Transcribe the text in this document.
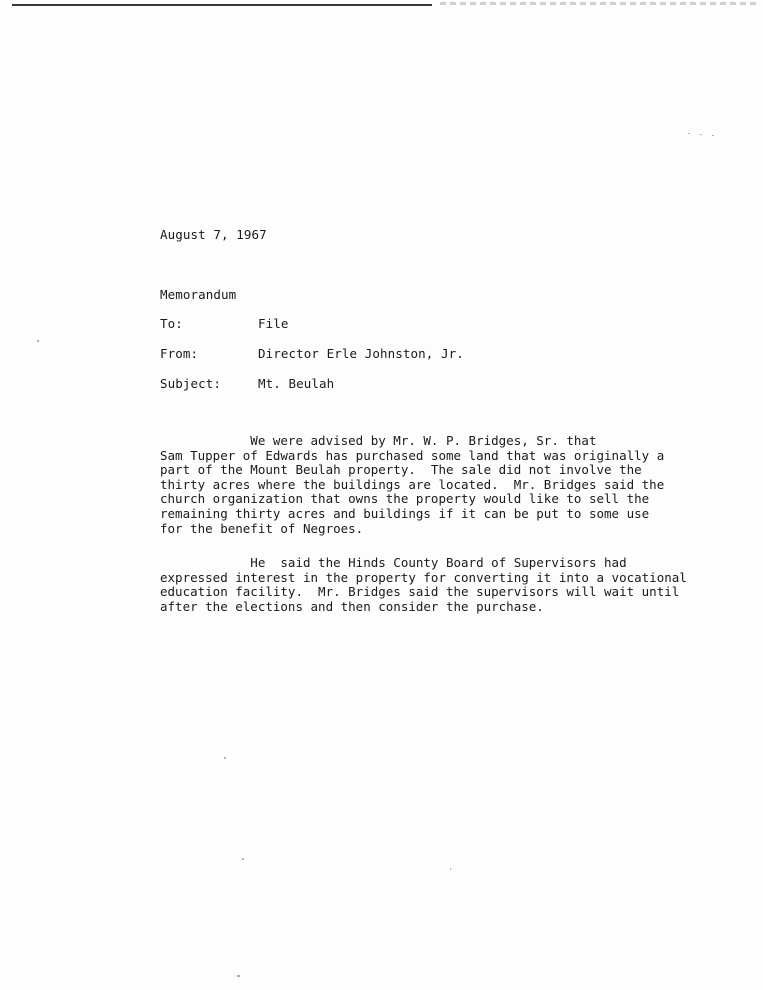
August 7, 1967
Memorandum
To:	File
From:	Director Erle Johnston, Jr.
Subject:	Mt. Beulah
We were advised by Mr. W. P. Bridges, Sr. that
Sam Tupper of Edwards has purchased some land that was originally a
part of the Mount Beulah property.  The sale did not involve the
thirty acres where the buildings are located.  Mr. Bridges said the
church organization that owns the property would like to sell the
remaining thirty acres and buildings if it can be put to some use
for the benefit of Negroes.
He  said the Hinds County Board of Supervisors had
expressed interest in the property for converting it into a vocational
education facility.  Mr. Bridges said the supervisors will wait until
after the elections and then consider the purchase.
